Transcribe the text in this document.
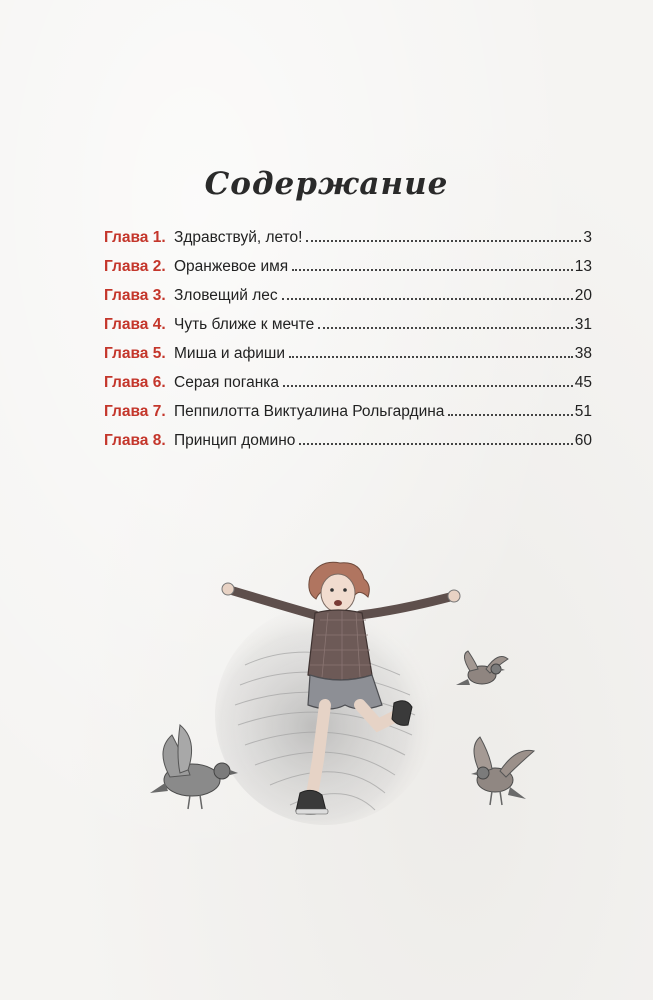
Содержание
Глава 1. Здравствуй, лето!	3
Глава 2. Оранжевое имя	13
Глава 3. Зловещий лес	20
Глава 4. Чуть ближе к мечте	31
Глава 5. Миша и афиши	38
Глава 6. Серая поганка	45
Глава 7. Пеппилотта Виктуалина Рольгардина	51
Глава 8. Принцип домино	60
